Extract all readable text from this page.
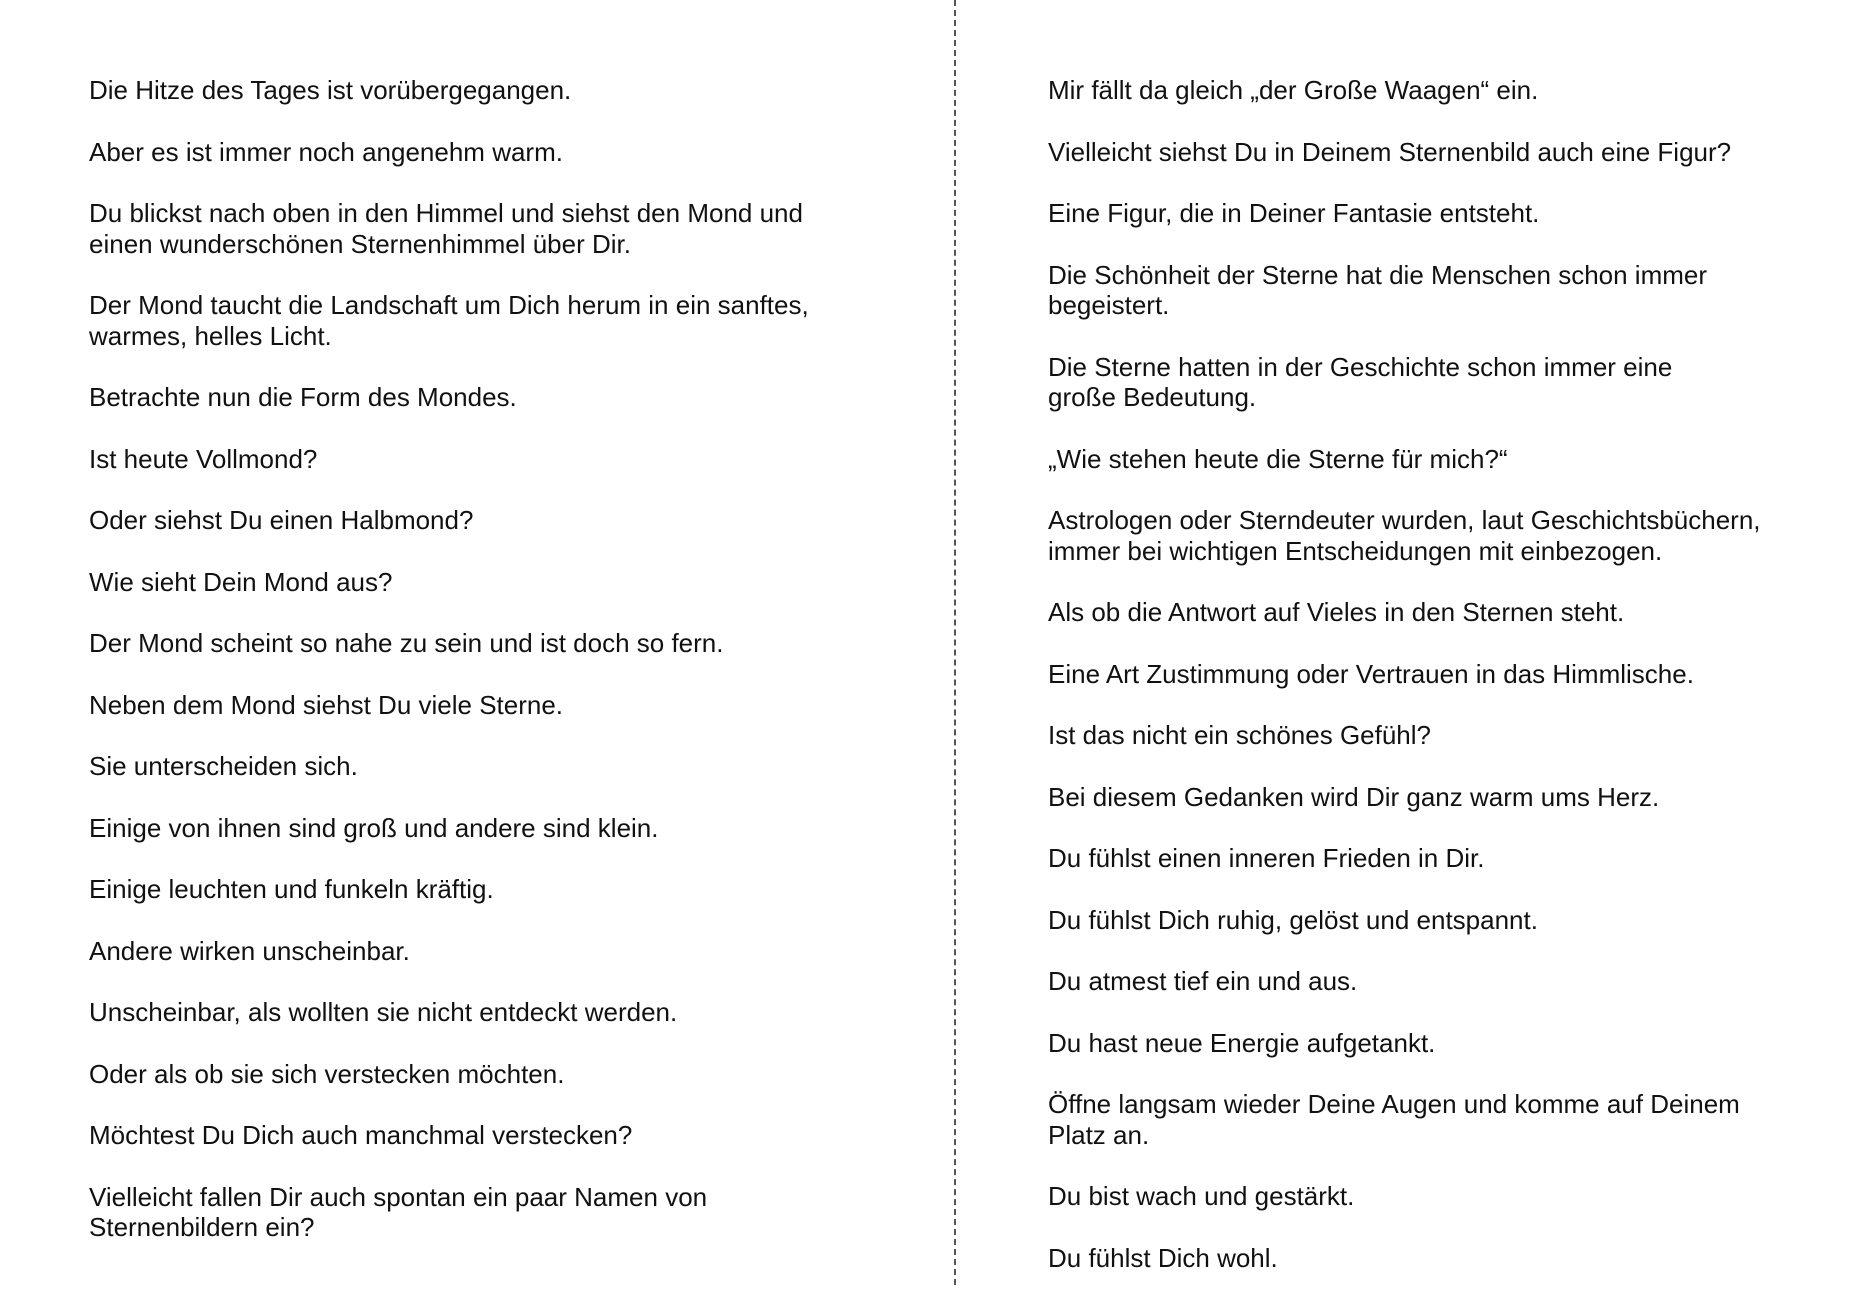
Die Hitze des Tages ist vorübergegangen.

Aber es ist immer noch angenehm warm.

Du blickst nach oben in den Himmel und siehst den Mond und
einen wunderschönen Sternenhimmel über Dir.

Der Mond taucht die Landschaft um Dich herum in ein sanftes,
warmes, helles Licht.

Betrachte nun die Form des Mondes.

Ist heute Vollmond?

Oder siehst Du einen Halbmond?

Wie sieht Dein Mond aus?

Der Mond scheint so nahe zu sein und ist doch so fern.

Neben dem Mond siehst Du viele Sterne.

Sie unterscheiden sich.

Einige von ihnen sind groß und andere sind klein.

Einige leuchten und funkeln kräftig.

Andere wirken unscheinbar.

Unscheinbar, als wollten sie nicht entdeckt werden.

Oder als ob sie sich verstecken möchten.

Möchtest Du Dich auch manchmal verstecken?

Vielleicht fallen Dir auch spontan ein paar Namen von
Sternenbildern ein?

Mir fällt da gleich „der Große Waagen“ ein.

Vielleicht siehst Du in Deinem Sternenbild auch eine Figur?

Eine Figur, die in Deiner Fantasie entsteht.

Die Schönheit der Sterne hat die Menschen schon immer
begeistert.

Die Sterne hatten in der Geschichte schon immer eine
große Bedeutung.

„Wie stehen heute die Sterne für mich?“

Astrologen oder Sterndeuter wurden, laut Geschichtsbüchern,
immer bei wichtigen Entscheidungen mit einbezogen.

Als ob die Antwort auf Vieles in den Sternen steht.

Eine Art Zustimmung oder Vertrauen in das Himmlische.

Ist das nicht ein schönes Gefühl?

Bei diesem Gedanken wird Dir ganz warm ums Herz.

Du fühlst einen inneren Frieden in Dir.

Du fühlst Dich ruhig, gelöst und entspannt.

Du atmest tief ein und aus.

Du hast neue Energie aufgetankt.

Öffne langsam wieder Deine Augen und komme auf Deinem
Platz an.

Du bist wach und gestärkt.

Du fühlst Dich wohl.
